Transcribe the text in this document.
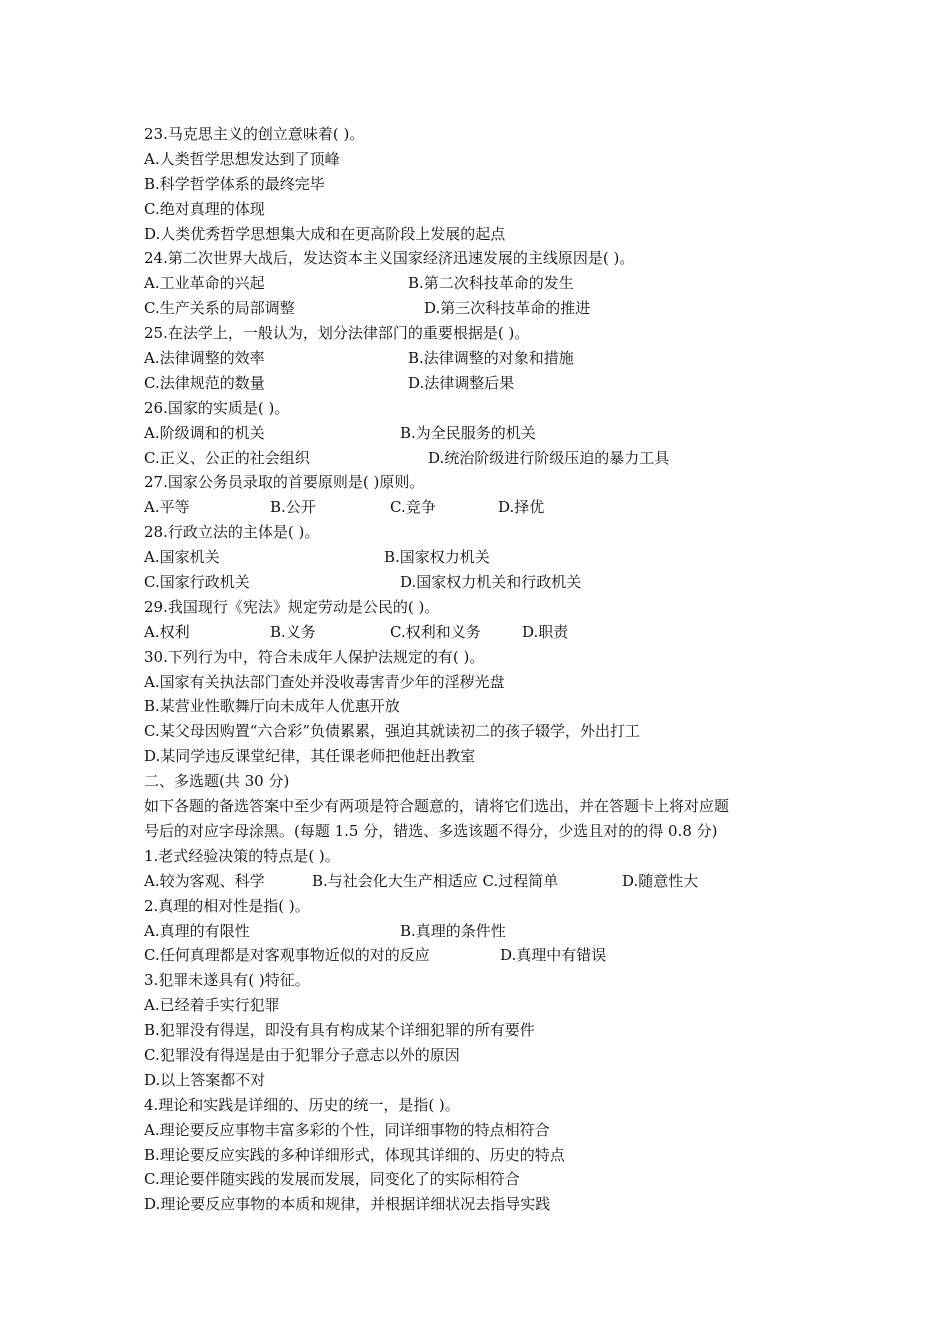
23.马克思主义的创立意味着( )。
A.人类哲学思想发达到了顶峰
B.科学哲学体系的最终完毕
C.绝对真理的体现
D.人类优秀哲学思想集大成和在更高阶段上发展的起点
24.第二次世界大战后，发达资本主义国家经济迅速发展的主线原因是( )。
A.工业革命的兴起	B.第二次科技革命的发生
C.生产关系的局部调整	D.第三次科技革命的推进
25.在法学上，一般认为，划分法律部门的重要根据是( )。
A.法律调整的效率	B.法律调整的对象和措施
C.法律规范的数量	D.法律调整后果
26.国家的实质是( )。
A.阶级调和的机关	B.为全民服务的机关
C.正义、公正的社会组织	D.统治阶级进行阶级压迫的暴力工具
27.国家公务员录取的首要原则是( )原则。
A.平等	B.公开	C.竞争	D.择优
28.行政立法的主体是( )。
A.国家机关	B.国家权力机关
C.国家行政机关	D.国家权力机关和行政机关
29.我国现行《宪法》规定劳动是公民的( )。
A.权利	B.义务	C.权利和义务	D.职责
30.下列行为中，符合未成年人保护法规定的有( )。
A.国家有关执法部门查处并没收毒害青少年的淫秽光盘
B.某营业性歌舞厅向未成年人优惠开放
C.某父母因购置“六合彩”负债累累，强迫其就读初二的孩子辍学，外出打工
D.某同学违反课堂纪律，其任课老师把他赶出教室
二、多选题(共 30 分)
如下各题的备选答案中至少有两项是符合题意的，请将它们选出，并在答题卡上将对应题
号后的对应字母涂黑。(每题 1.5 分，错选、多选该题不得分，少选且对的的得 0.8 分)
1.老式经验决策的特点是( )。
A.较为客观、科学	B.与社会化大生产相适应 C.过程简单	D.随意性大
2.真理的相对性是指( )。
A.真理的有限性	B.真理的条件性
C.任何真理都是对客观事物近似的对的反应	D.真理中有错误
3.犯罪未遂具有( )特征。
A.已经着手实行犯罪
B.犯罪没有得逞，即没有具有构成某个详细犯罪的所有要件
C.犯罪没有得逞是由于犯罪分子意志以外的原因
D.以上答案都不对
4.理论和实践是详细的、历史的统一，是指( )。
A.理论要反应事物丰富多彩的个性，同详细事物的特点相符合
B.理论要反应实践的多种详细形式，体现其详细的、历史的特点
C.理论要伴随实践的发展而发展，同变化了的实际相符合
D.理论要反应事物的本质和规律，并根据详细状况去指导实践
